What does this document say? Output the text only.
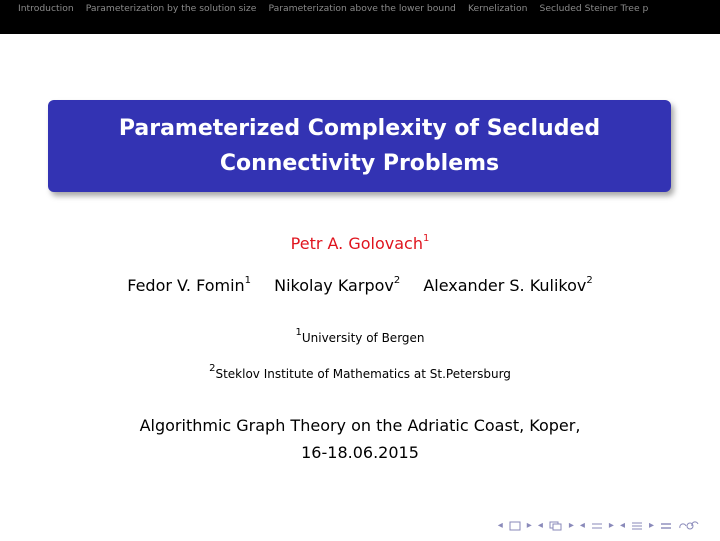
Introduction Parameterization by the solution size Parameterization above the lower bound Kernelization Secluded Steiner Tree p
Parameterized Complexity of Secluded Connectivity Problems
Petr A. Golovach$^1$
Fedor V. Fomin$^1$ Nikolay Karpov$^2$ Alexander S. Kulikov$^2$
$^1$University of Bergen
$^2$Steklov Institute of Mathematics at St.Petersburg
Algorithmic Graph Theory on the Adriatic Coast, Koper,
16-18.06.2015
◂ ▸ ◂	▸ ◂ ▸ ◂ ▸
